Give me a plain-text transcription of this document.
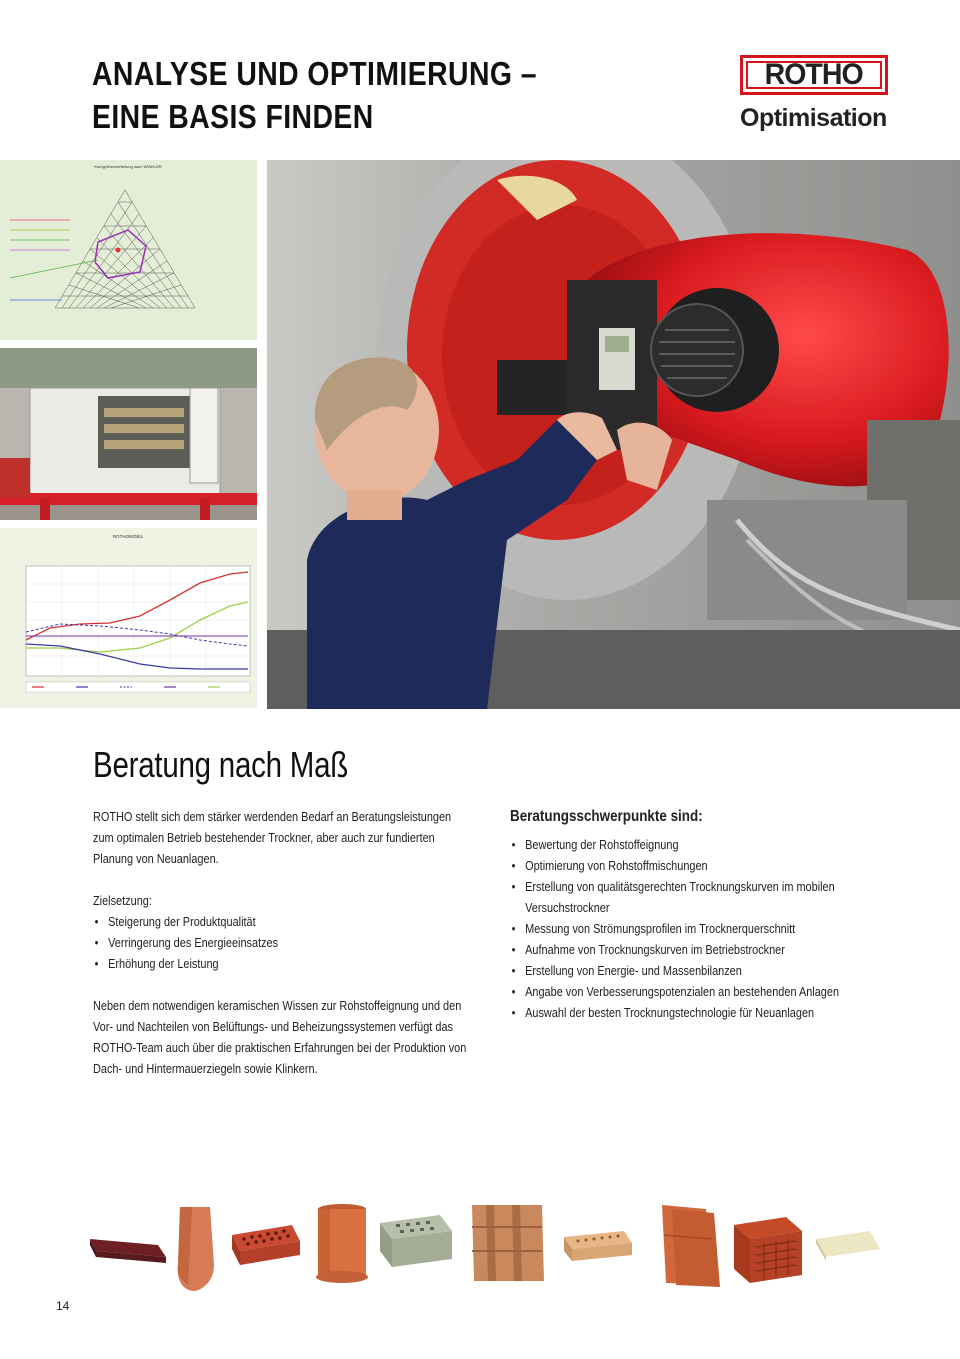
ANALYSE UND OPTIMIERUNG –
EINE BASIS FINDEN
ROTHO
Optimisation
Korngrößenverteilung nach WINKLER
ROTHOMOBIL
Beratung nach Maß

ROTHO stellt sich dem stärker werdenden Bedarf an Beratungsleistungen zum optimalen Betrieb bestehender Trockner, aber auch zur fundierten Planung von Neuanlagen.

Zielsetzung:

• Steigerung der Produktqualität
• Verringerung des Energieeinsatzes
• Erhöhung der Leistung

Neben dem notwendigen keramischen Wissen zur Rohstoffeignung und den Vor- und Nachteilen von Belüftungs- und Beheizungssystemen verfügt das ROTHO-Team auch über die praktischen Erfahrungen bei der Produktion von Dach- und Hintermauerziegeln sowie Klinkern.

Beratungsschwerpunkte sind:

• Bewertung der Rohstoffeignung
• Optimierung von Rohstoffmischungen
• Erstellung von qualitätsgerechten Trocknungskurven im mobilen Versuchstrockner
• Messung von Strömungsprofilen im Trocknerquerschnitt
• Aufnahme von Trocknungskurven im Betriebstrockner
• Erstellung von Energie- und Massenbilanzen
• Angabe von Verbesserungspotenzialen an bestehenden Anlagen
• Auswahl der besten Trocknungstechnologie für Neuanlagen
14
